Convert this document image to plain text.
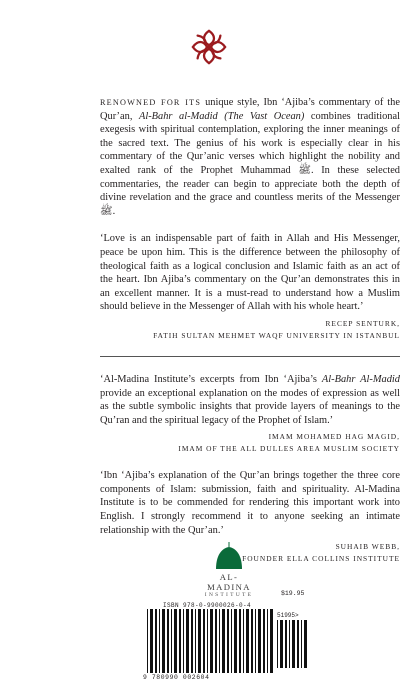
RENOWNED FOR ITS unique style, Ibn ‘Ajiba’s commentary of the Qur’an, Al-Bahr al-Madid (The Vast Ocean) combines traditional exegesis with spiritual contemplation, exploring the inner meanings of the sacred text. The genius of his work is especially clear in his commentary of the Qur’anic verses which highlight the nobility and exalted rank of the Prophet Muhammad ﷺ. In these selected commentaries, the reader can begin to appreciate both the depth of divine revelation and the grace and countless merits of the Messenger ﷺ.

‘Love is an indispensable part of faith in Allah and His Messenger, peace be upon him. This is the difference between the philosophy of theological faith as a logical conclusion and Islamic faith as an act of the heart. Ibn Ajiba’s commentary on the Qur’an demonstrates this in an excellent manner. It is a must-read to understand how a Muslim should believe in the Messenger of Allah with his whole heart.’

RECEP SENTURK,
FATIH SULTAN MEHMET WAQF UNIVERSITY IN ISTANBUL

‘Al-Madina Institute’s excerpts from Ibn ‘Ajiba’s Al-Bahr Al-Madid provide an exceptional explanation on the modes of expression as well as the subtle symbolic insights that provide layers of meanings to the Qu’ran and the spiritual legacy of the Prophet of Islam.’

IMAM MOHAMED HAG MAGID,
IMAM OF THE ALL DULLES AREA MUSLIM SOCIETY

‘Ibn ‘Ajiba’s explanation of the Qur’an brings together the three core components of Islam: submission, faith and spirituality. Al-Madina Institute is to be commended for rendering this important work into English. I strongly recommend it to anyone seeking an intimate relationship with the Qur’an.’

SUHAIB WEBB,
FOUNDER ELLA COLLINS INSTITUTE
AL-MADINA
INSTITUTE	$19.95
ISBN 978-0-9900026-0-4
51995>
9 780990 002604
